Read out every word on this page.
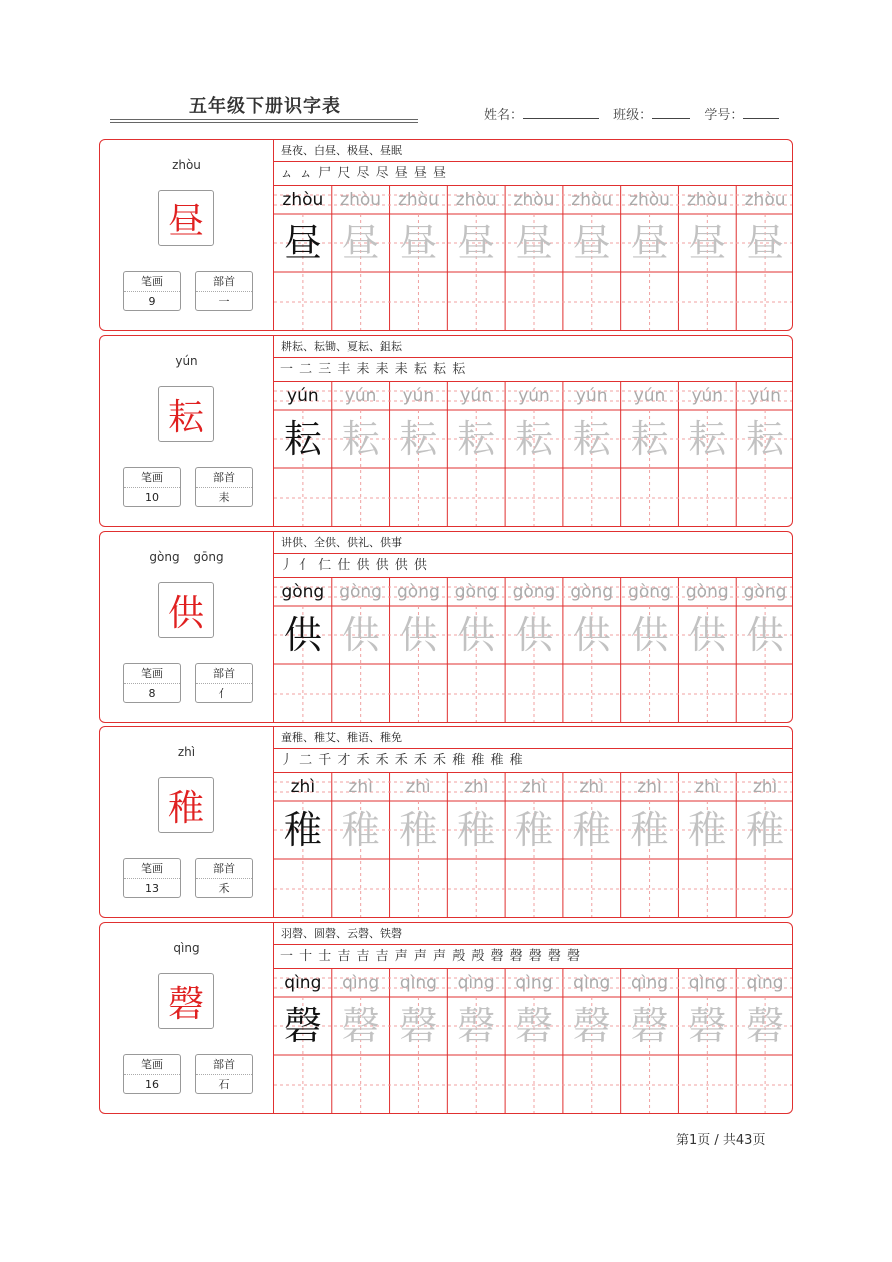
五年级下册识字表	姓名：	班级：	学号：
zhòu
昼
笔画
9
部首
一
昼夜、白昼、极昼、昼眠
ㇺ ㇺ 尸 尺 尽 尽 昼 昼 昼
zhòu
昼
zhòu
昼
zhòu
昼
zhòu
昼
zhòu
昼
zhòu
昼
zhòu
昼
zhòu
昼
zhòu
昼
yún
耘
笔画
10
部首
耒
耕耘、耘锄、夏耘、鉏耘
一 二 三 丰 耒 耒 耒 耘 耘 耘
yún
耘
yún
耘
yún
耘
yún
耘
yún
耘
yún
耘
yún
耘
yún
耘
yún
耘
gòng gōng
供
笔画
8
部首
亻
讲供、全供、供礼、供事
丿 亻 仁 仕 供 供 供 供
gòng
供
gòng
供
gòng
供
gòng
供
gòng
供
gòng
供
gòng
供
gòng
供
gòng
供
zhì
稚
笔画
13
部首
禾
童稚、稚艾、稚语、稚免
丿 二 千 才 禾 禾 禾 禾 禾 稚 稚 稚 稚
zhì
稚
zhì
稚
zhì
稚
zhì
稚
zhì
稚
zhì
稚
zhì
稚
zhì
稚
zhì
稚
qìng
磬
笔画
16
部首
石
羽磬、圆磬、云磬、铁磬
一 十 士 吉 吉 吉 声 声 声 殸 殸 磬 磬 磬 磬 磬
qìng
磬
qìng
磬
qìng
磬
qìng
磬
qìng
磬
qìng
磬
qìng
磬
qìng
磬
qìng
磬
第1页 / 共43页
